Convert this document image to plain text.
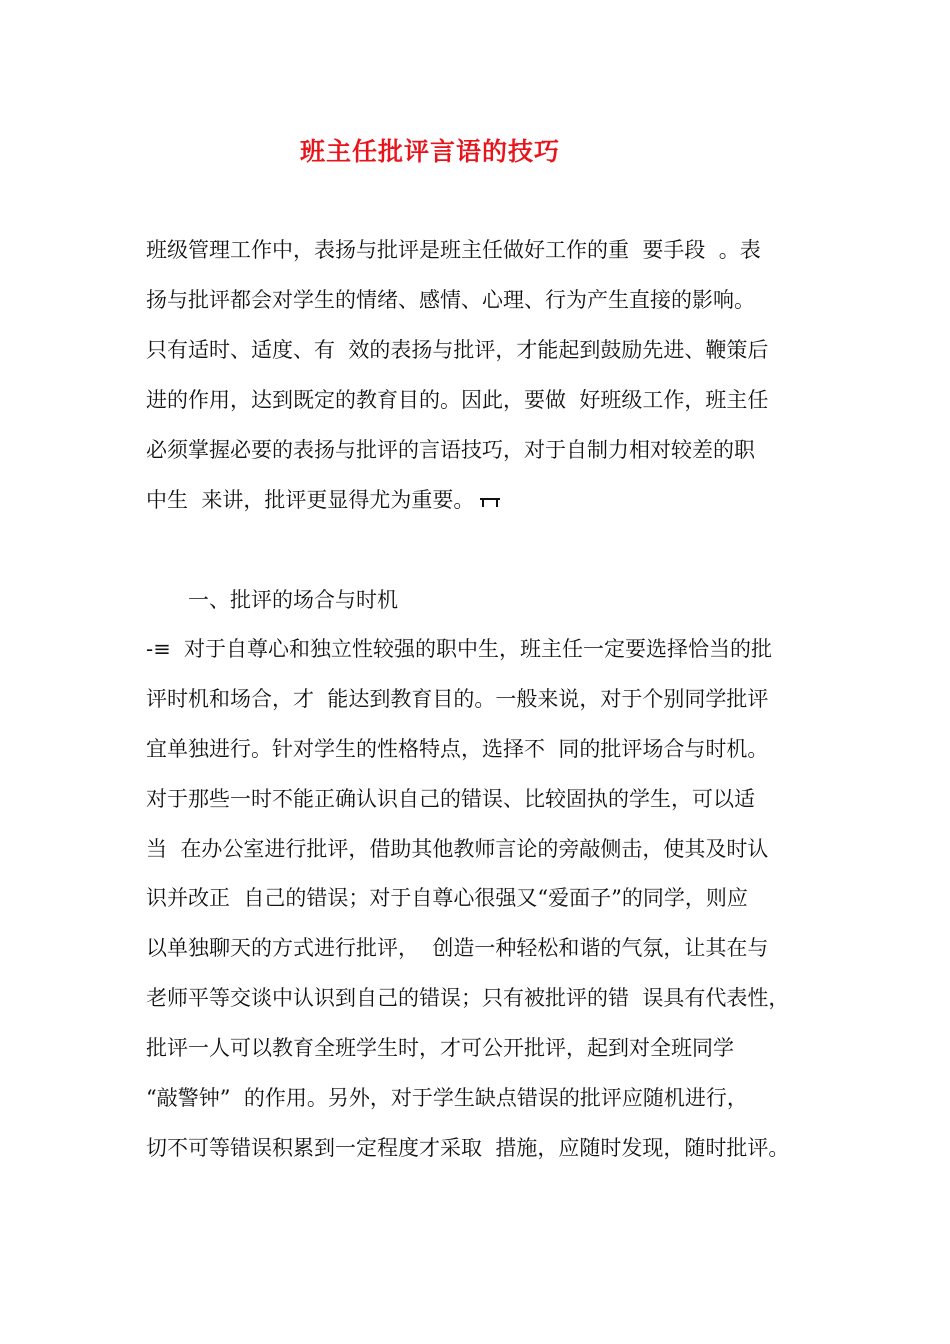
班主任批评言语的技巧
班级管理工作中，表扬与批评是班主任做好工作的重  要手段  。表
扬与批评都会对学生的情绪、感情、心理、行为产生直接的影响。
只有适时、适度、有  效的表扬与批评，才能起到鼓励先进、鞭策后
进的作用，达到既定的教育目的。因此，要做  好班级工作，班主任
必须掌握必要的表扬与批评的言语技巧，对于自制力相对较差的职
中生  来讲，批评更显得尤为重要。
一、批评的场合与时机
-≡  对于自尊心和独立性较强的职中生，班主任一定要选择恰当的批
评时机和场合，才  能达到教育目的。一般来说，对于个别同学批评
宜单独进行。针对学生的性格特点，选择不  同的批评场合与时机。
对于那些一时不能正确认识自己的错误、比较固执的学生，可以适
当  在办公室进行批评，借助其他教师言论的旁敲侧击，使其及时认
识并改正  自己的错误；对于自尊心很强又“爱面子”的同学，则应
以单独聊天的方式进行批评，  创造一种轻松和谐的气氛，让其在与
老师平等交谈中认识到自己的错误；只有被批评的错  误具有代表性，
批评一人可以教育全班学生时，才可公开批评，起到对全班同学
“敲警钟”  的作用。另外，对于学生缺点错误的批评应随机进行，
切不可等错误积累到一定程度才采取  措施，应随时发现，随时批评。
